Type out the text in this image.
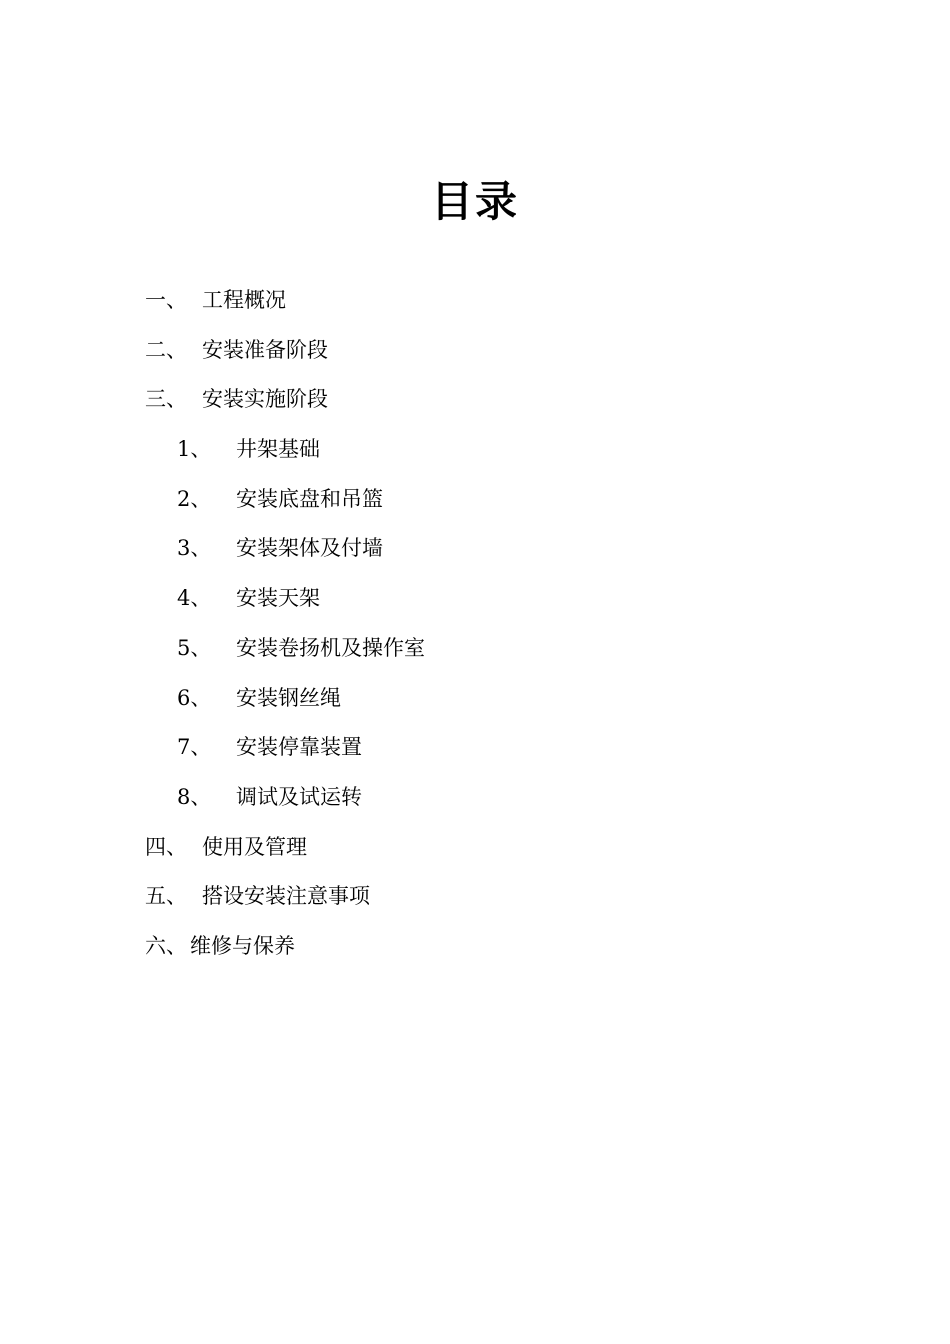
目录
一、 工程概况
二、 安装准备阶段
三、 安装实施阶段
1、 井架基础
2、 安装底盘和吊篮
3、 安装架体及付墙
4、 安装天架
5、 安装卷扬机及操作室
6、 安装钢丝绳
7、 安装停靠装置
8、 调试及试运转
四、 使用及管理
五、 搭设安装注意事项
六、 维修与保养
